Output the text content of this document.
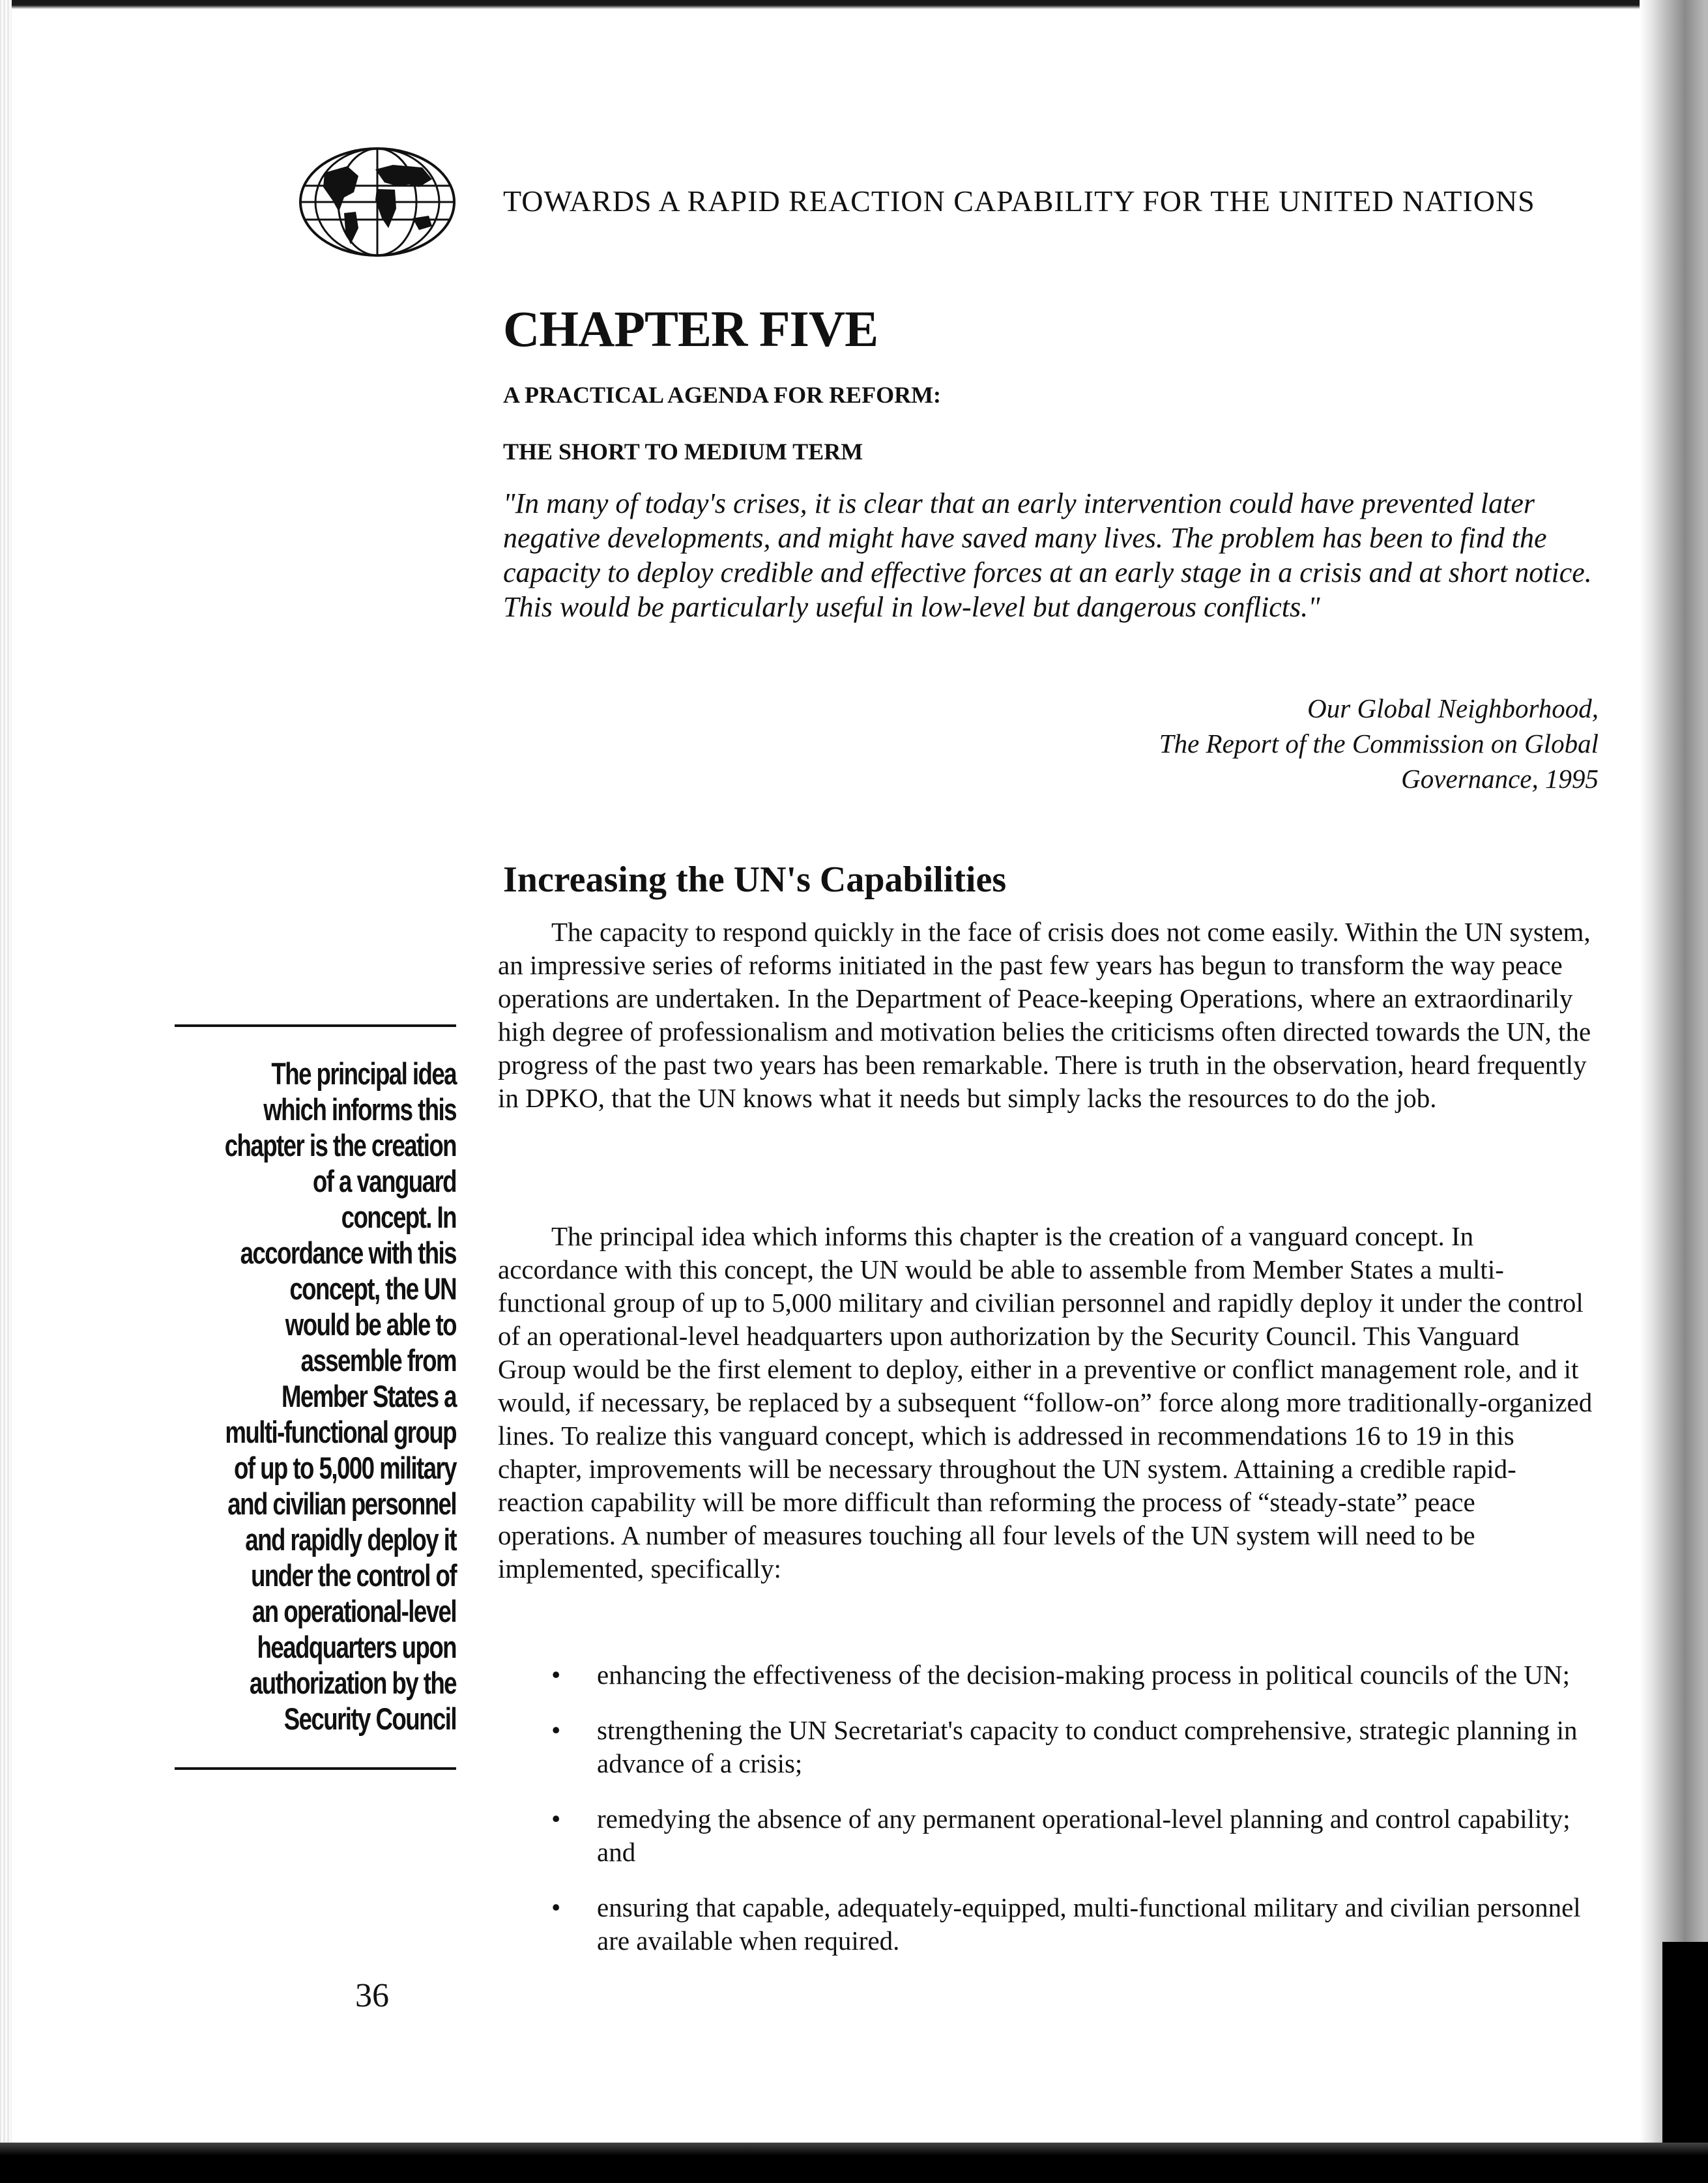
TOWARDS A RAPID REACTION CAPABILITY FOR THE UNITED NATIONS
CHAPTER FIVE
A PRACTICAL AGENDA FOR REFORM:
THE SHORT TO MEDIUM TERM

"In many of today's crises, it is clear that an early intervention could have prevented later negative developments, and might have saved many lives. The problem has been to find the capacity to deploy credible and effective forces at an early stage in a crisis and at short notice. This would be particularly useful in low-level but dangerous conflicts."

Our Global Neighborhood,
The Report of the Commission on Global
Governance, 1995

Increasing the UN's Capabilities

The capacity to respond quickly in the face of crisis does not come easily. Within the UN system, an impressive series of reforms initiated in the past few years has begun to transform the way peace operations are undertaken. In the Department of Peace-keeping Operations, where an extraordinarily high degree of professionalism and motivation belies the criticisms often directed towards the UN, the progress of the past two years has been remarkable. There is truth in the observation, heard frequently in DPKO, that the UN knows what it needs but simply lacks the resources to do the job.

The principal idea which informs this chapter is the creation of a vanguard concept. In accordance with this concept, the UN would be able to assemble from Member States a multi-functional group of up to 5,000 military and civilian personnel and rapidly deploy it under the control of an operational-level headquarters upon authorization by the Security Council. This Vanguard Group would be the first element to deploy, either in a preventive or conflict management role, and it would, if necessary, be replaced by a subsequent “follow-on” force along more traditionally-organized lines. To realize this vanguard concept, which is addressed in recommendations 16 to 19 in this chapter, improvements will be necessary throughout the UN system. Attaining a credible rapid-reaction capability will be more difficult than reforming the process of “steady-state” peace operations. A number of measures touching all four levels of the UN system will need to be implemented, specifically:

• enhancing the effectiveness of the decision-making process in political councils of the UN;
• strengthening the UN Secretariat's capacity to conduct comprehensive, strategic planning in advance of a crisis;
• remedying the absence of any permanent operational-level planning and control capability; and
• ensuring that capable, adequately-equipped, multi-functional military and civilian personnel are available when required.

The principal idea which informs this chapter is the creation of a vanguard concept. In accordance with this concept, the UN would be able to assemble from Member States a multi-functional group of up to 5,000 military and civilian personnel and rapidly deploy it under the control of an operational-level headquarters upon authorization by the Security Council

36
